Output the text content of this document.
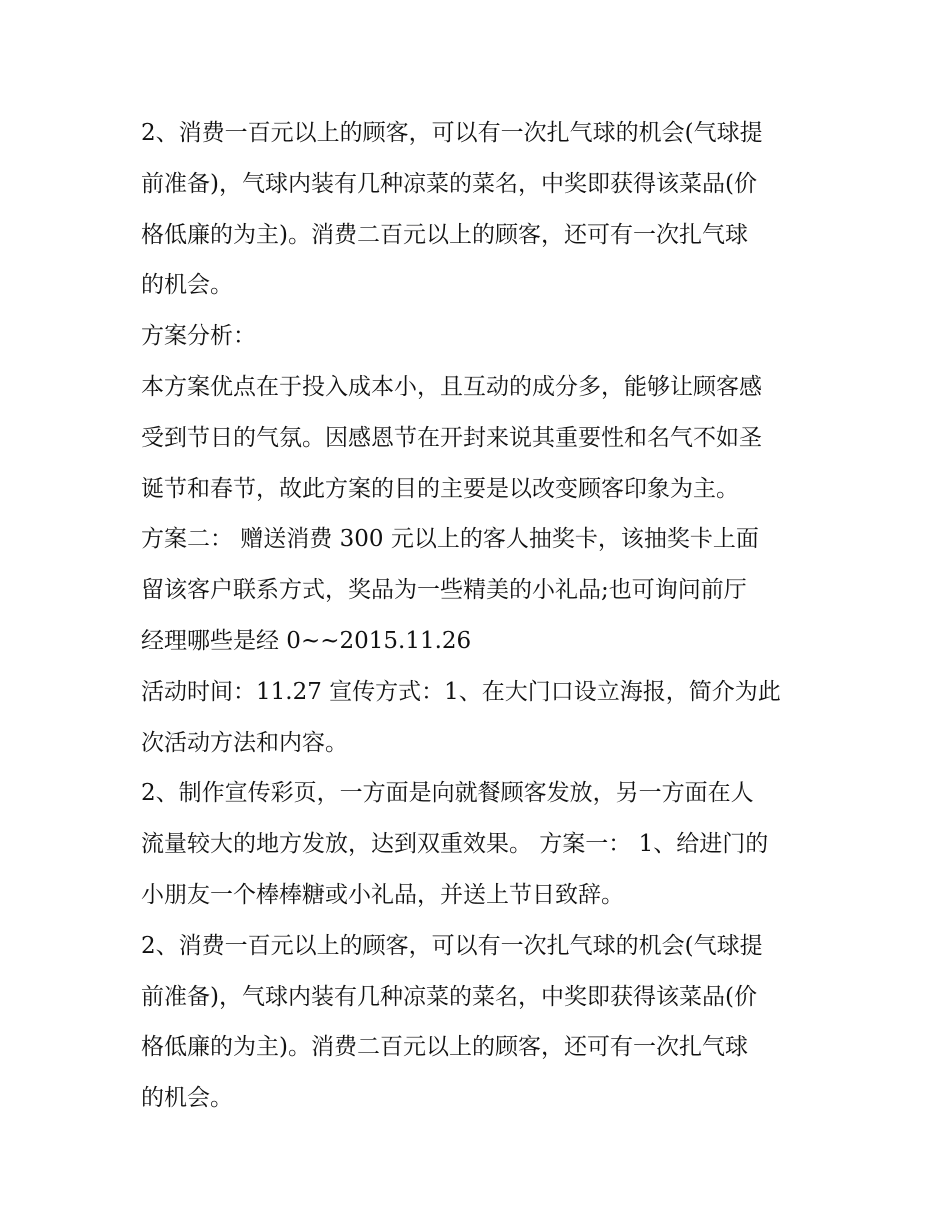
2、消费一百元以上的顾客，可以有一次扎气球的机会(气球提
前准备)，气球内装有几种凉菜的菜名，中奖即获得该菜品(价
格低廉的为主)。消费二百元以上的顾客，还可有一次扎气球
的机会。
方案分析：
本方案优点在于投入成本小，且互动的成分多，能够让顾客感
受到节日的气氛。因感恩节在开封来说其重要性和名气不如圣
诞节和春节，故此方案的目的主要是以改变顾客印象为主。
方案二： 赠送消费 300 元以上的客人抽奖卡，该抽奖卡上面
留该客户联系方式，奖品为一些精美的小礼品;也可询问前厅
经理哪些是经 0~~2015.11.26
活动时间：11.27 宣传方式：1、在大门口设立海报，简介为此
次活动方法和内容。
2、制作宣传彩页，一方面是向就餐顾客发放，另一方面在人
流量较大的地方发放，达到双重效果。 方案一： 1、给进门的
小朋友一个棒棒糖或小礼品，并送上节日致辞。
2、消费一百元以上的顾客，可以有一次扎气球的机会(气球提
前准备)，气球内装有几种凉菜的菜名，中奖即获得该菜品(价
格低廉的为主)。消费二百元以上的顾客，还可有一次扎气球
的机会。
